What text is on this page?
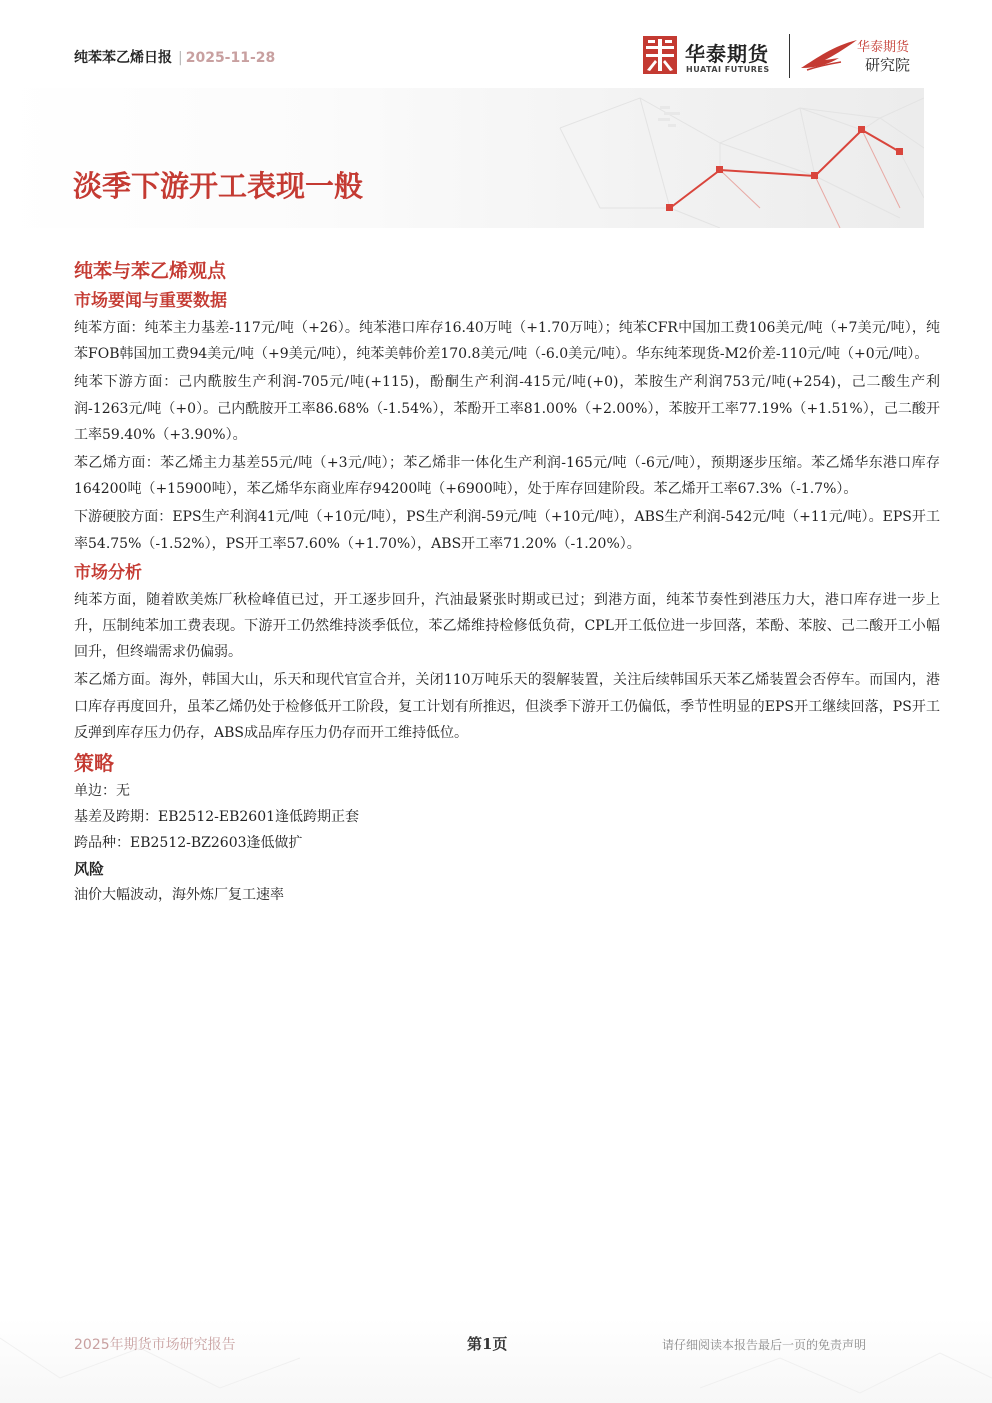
纯苯苯乙烯日报 | 2025-11-28	华泰期货
HUATAI FUTURES
华泰期货
研究院
淡季下游开工表现一般
纯苯与苯乙烯观点
市场要闻与重要数据

纯苯方面：纯苯主力基差-117元/吨（+26）。纯苯港口库存16.40万吨（+1.70万吨）；纯苯CFR中国加工费106美元/吨（+7美元/吨），纯苯FOB韩国加工费94美元/吨（+9美元/吨），纯苯美韩价差170.8美元/吨（-6.0美元/吨）。华东纯苯现货-M2价差-110元/吨（+0元/吨）。

纯苯下游方面：己内酰胺生产利润-705元/吨(+115)，酚酮生产利润-415元/吨(+0)，苯胺生产利润753元/吨(+254)，己二酸生产利润-1263元/吨（+0）。己内酰胺开工率86.68%（-1.54%），苯酚开工率81.00%（+2.00%），苯胺开工率77.19%（+1.51%），己二酸开工率59.40%（+3.90%）。

苯乙烯方面：苯乙烯主力基差55元/吨（+3元/吨）；苯乙烯非一体化生产利润-165元/吨（-6元/吨），预期逐步压缩。苯乙烯华东港口库存164200吨（+15900吨），苯乙烯华东商业库存94200吨（+6900吨），处于库存回建阶段。苯乙烯开工率67.3%（-1.7%）。

下游硬胶方面：EPS生产利润41元/吨（+10元/吨），PS生产利润-59元/吨（+10元/吨），ABS生产利润-542元/吨（+11元/吨）。EPS开工率54.75%（-1.52%），PS开工率57.60%（+1.70%），ABS开工率71.20%（-1.20%）。

市场分析

纯苯方面，随着欧美炼厂秋检峰值已过，开工逐步回升，汽油最紧张时期或已过；到港方面，纯苯节奏性到港压力大，港口库存进一步上升，压制纯苯加工费表现。下游开工仍然维持淡季低位，苯乙烯维持检修低负荷，CPL开工低位进一步回落，苯酚、苯胺、己二酸开工小幅回升，但终端需求仍偏弱。

苯乙烯方面。海外，韩国大山，乐天和现代官宣合并，关闭110万吨乐天的裂解装置，关注后续韩国乐天苯乙烯装置会否停车。而国内，港口库存再度回升，虽苯乙烯仍处于检修低开工阶段，复工计划有所推迟，但淡季下游开工仍偏低，季节性明显的EPS开工继续回落，PS开工反弹到库存压力仍存，ABS成品库存压力仍存而开工维持低位。

策略

单边：无

基差及跨期：EB2512-EB2601逢低跨期正套

跨品种：EB2512-BZ2603逢低做扩

风险

油价大幅波动，海外炼厂复工速率

2025年期货市场研究报告	第1页	请仔细阅读本报告最后一页的免责声明
